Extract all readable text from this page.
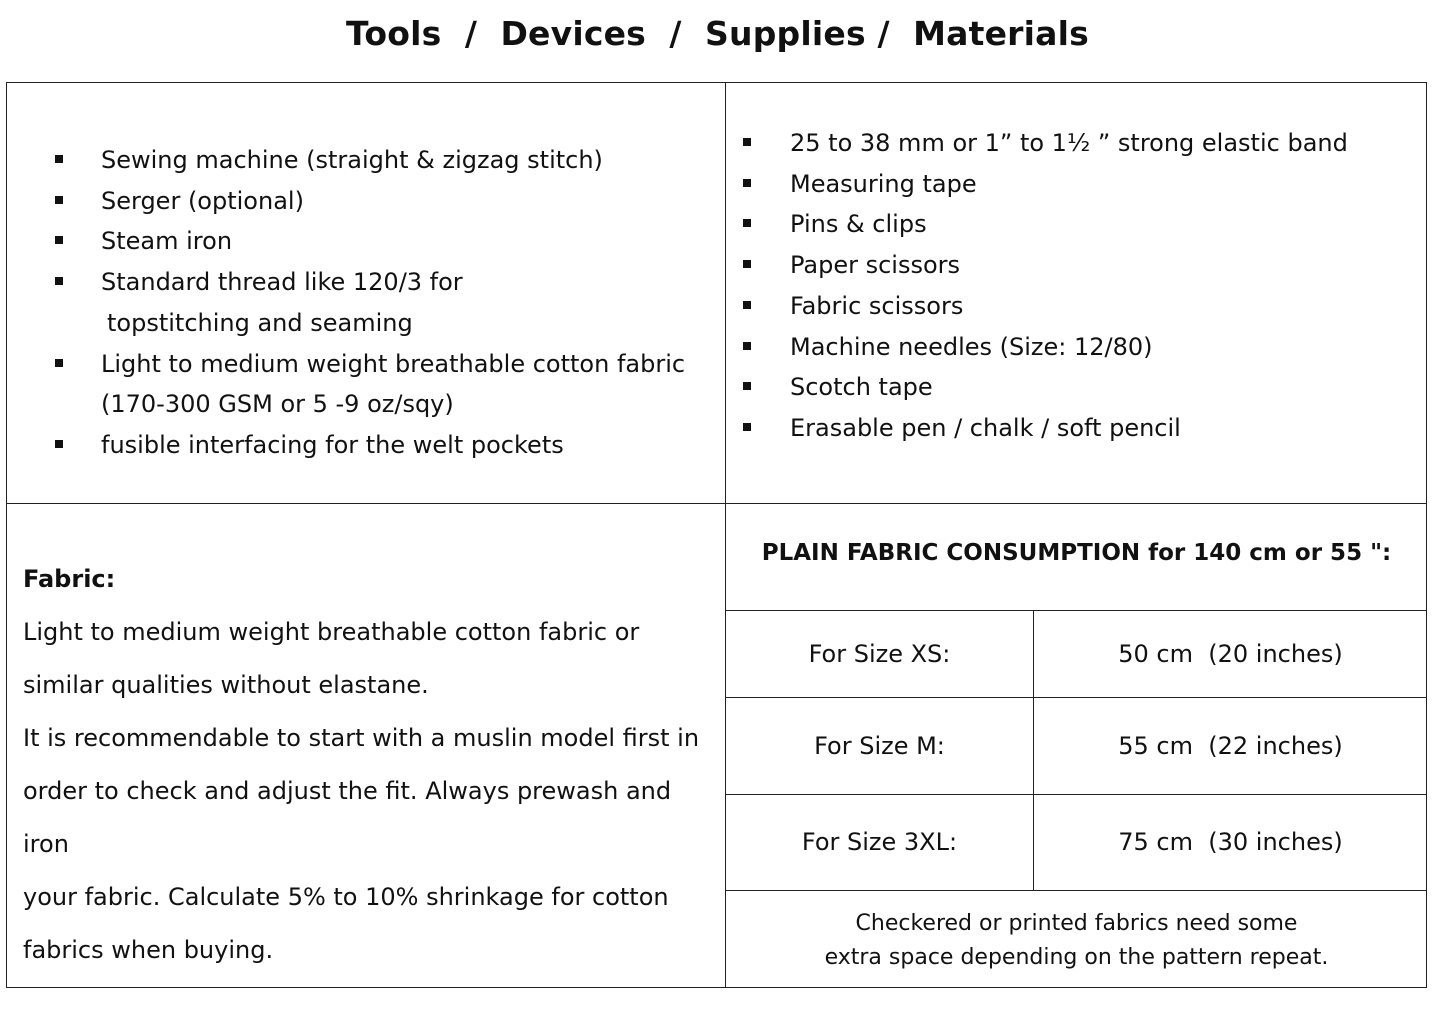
Tools  /  Devices  /  Supplies /  Materials
Sewing machine (straight & zigzag stitch)
Serger (optional)
Steam iron
Standard thread like 120/3 for
topstitching and seaming
Light to medium weight breathable cotton fabric
(170-300 GSM or 5 -9 oz/sqy)
fusible interfacing for the welt pockets
25 to 38 mm or 1” to 1½ ” strong elastic band
Measuring tape
Pins & clips
Paper scissors
Fabric scissors
Machine needles (Size: 12/80)
Scotch tape
Erasable pen / chalk / soft pencil
Fabric:
Light to medium weight breathable cotton fabric or
similar qualities without elastane.
It is recommendable to start with a muslin model first in
order to check and adjust the fit. Always prewash and iron
your fabric. Calculate 5% to 10% shrinkage for cotton
fabrics when buying.
PLAIN FABRIC CONSUMPTION for 140 cm or 55 ":
For Size XS:	50 cm  (20 inches)
For Size M:	55 cm  (22 inches)
For Size 3XL:	75 cm  (30 inches)
Checkered or printed fabrics need some
extra space depending on the pattern repeat.
